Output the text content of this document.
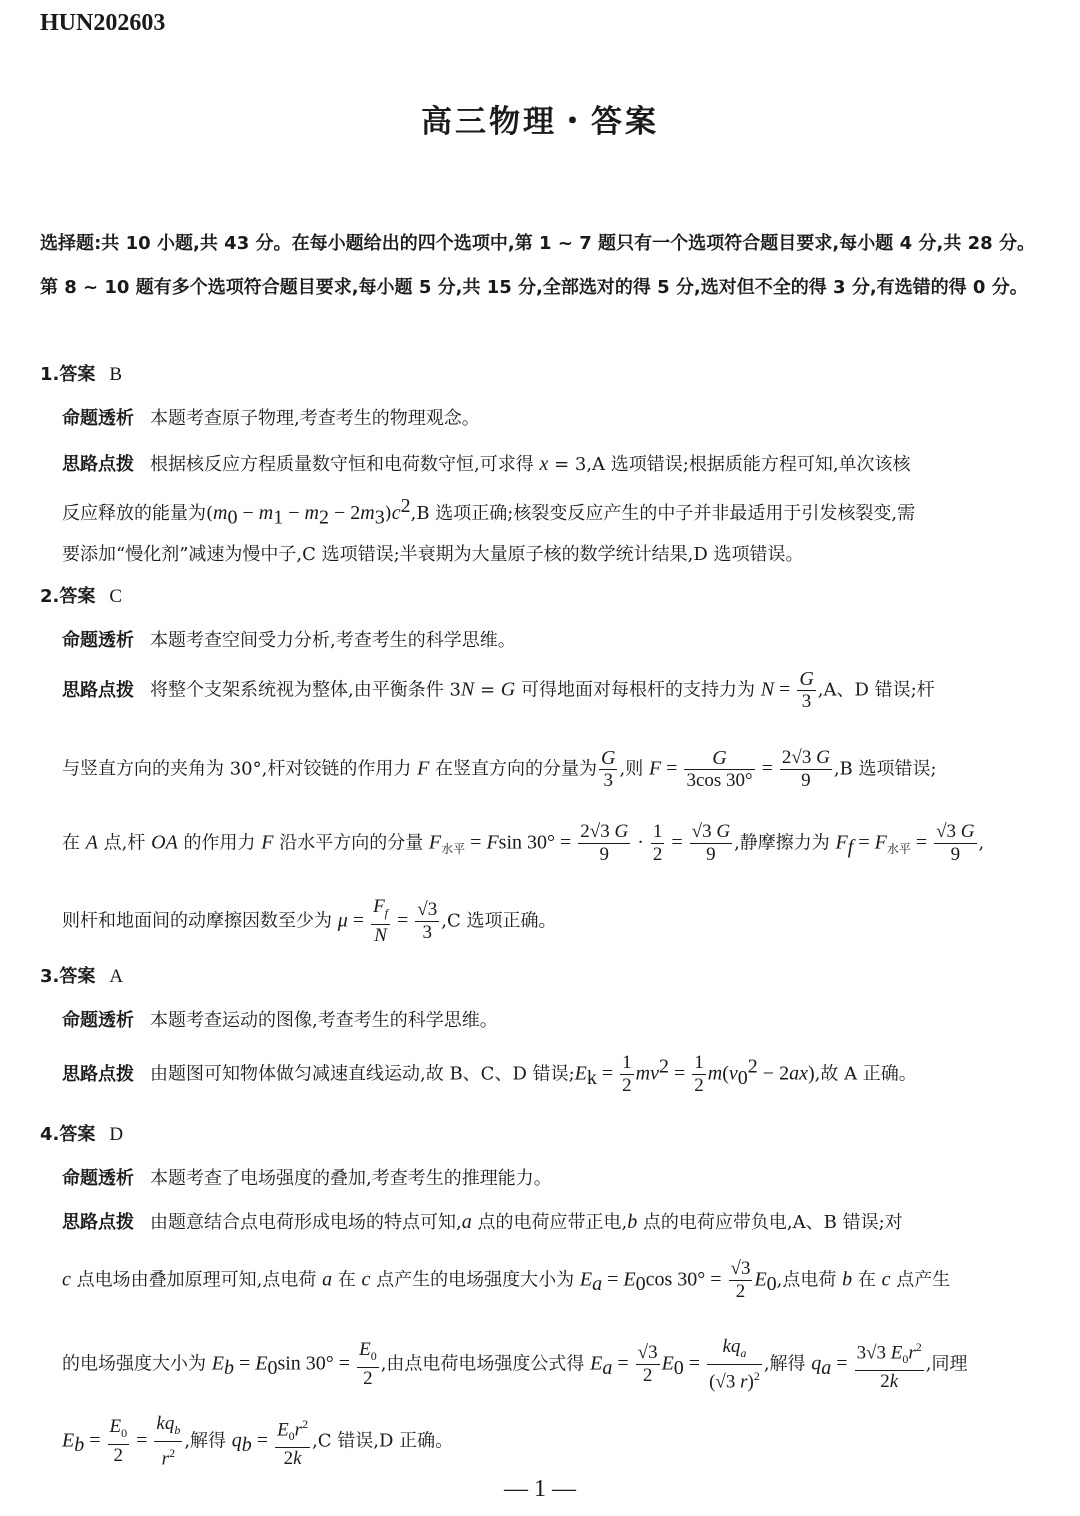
HUN202603
高三物理・答案
选择题:共 10 小题,共 43 分。在每小题给出的四个选项中,第 1 ~ 7 题只有一个选项符合题目要求,每小题 4 分,共 28 分。第 8 ~ 10 题有多个选项符合题目要求,每小题 5 分,共 15 分,全部选对的得 5 分,选对但不全的得 3 分,有选错的得 0 分。
1.答案 B
命题透析 本题考查原子物理,考查考生的物理观念。
思路点拨 根据核反应方程质量数守恒和电荷数守恒,可求得 x = 3,A 选项错误;根据质能方程可知,单次该核
反应释放的能量为$(m_0 - m_1 - m_2 - 2m_3)c^2,B$ 选项正确;核裂变反应产生的中子并非最适用于引发核裂变,需
要添加“慢化剂”减速为慢中子,C 选项错误;半衰期为大量原子核的数学统计结果,D 选项错误。
2.答案 C
命题透析 本题考查空间受力分析,考查考生的科学思维。
思路点拨 将整个支架系统视为整体,由平衡条件 3N = G 可得地面对每根杆的支持力为 $N = \frac{G}{3} ,A$、D 错误;杆
与竖直方向的夹角为 30°,杆对铰链的作用力 F 在竖直方向的分量为 $\frac{G}{3}$ ,则 $F = \frac{G}{3\cos 30^\circ} = \frac{2√3 G}{9} ,B$ 选项错误;
在 A 点,杆 OA 的作用力 F 沿水平方向的分量 $F_{水平} = Fsin$ $30^\circ = \frac{2√3 G}{9} \cdot \frac{1}{2} = \frac{√3 G}{9}$ ,静摩擦力为 $F_f = F_{水平} = \frac{√3 G}{9}$ ,
则杆和地面间的动摩擦因数至少为 $\mu = \frac{F_f}{N} = \frac{√3}{3} ,C$ 选项正确。
3.答案 A
命题透析 本题考查运动的图像,考查考生的科学思维。
思路点拨 由题图可知物体做匀减速直线运动,故 B、C、D 错误$;E_k = \frac{1}{2} mv^2 = \frac{1}{2} m(v_0^2 - 2ax)$,故 A 正确。
4.答案 D
命题透析 本题考查了电场强度的叠加,考查考生的推理能力。
思路点拨 由题意结合点电荷形成电场的特点可知,a 点的电荷应带正电,b 点的电荷应带负电,A、B 错误;对
c 点电场由叠加原理可知,点电荷 a 在 c 点产生的电场强度大小为 $E_a = E_0\cos$ $30^\circ = \frac{√3}{2} E_0$,点电荷 b 在 c 点产生
的电场强度大小为 $E_b = E_0\sin$ $30^\circ = \frac{E_0}{2}$ ,由点电荷电场强度公式得 $E_a = \frac{√3}{2} E_0 = \frac{kq_a}{(√3 r)^2}$ ,解得 $q_a = \frac{3√3 E_0r^2}{2k}$ ,同理
$E_b = \frac{E_0}{2} = \frac{kq_b}{r^2}$ ,解得 $q_b = \frac{E_0r^2}{2k} ,C$ 错误,D 正确。
— 1 —
